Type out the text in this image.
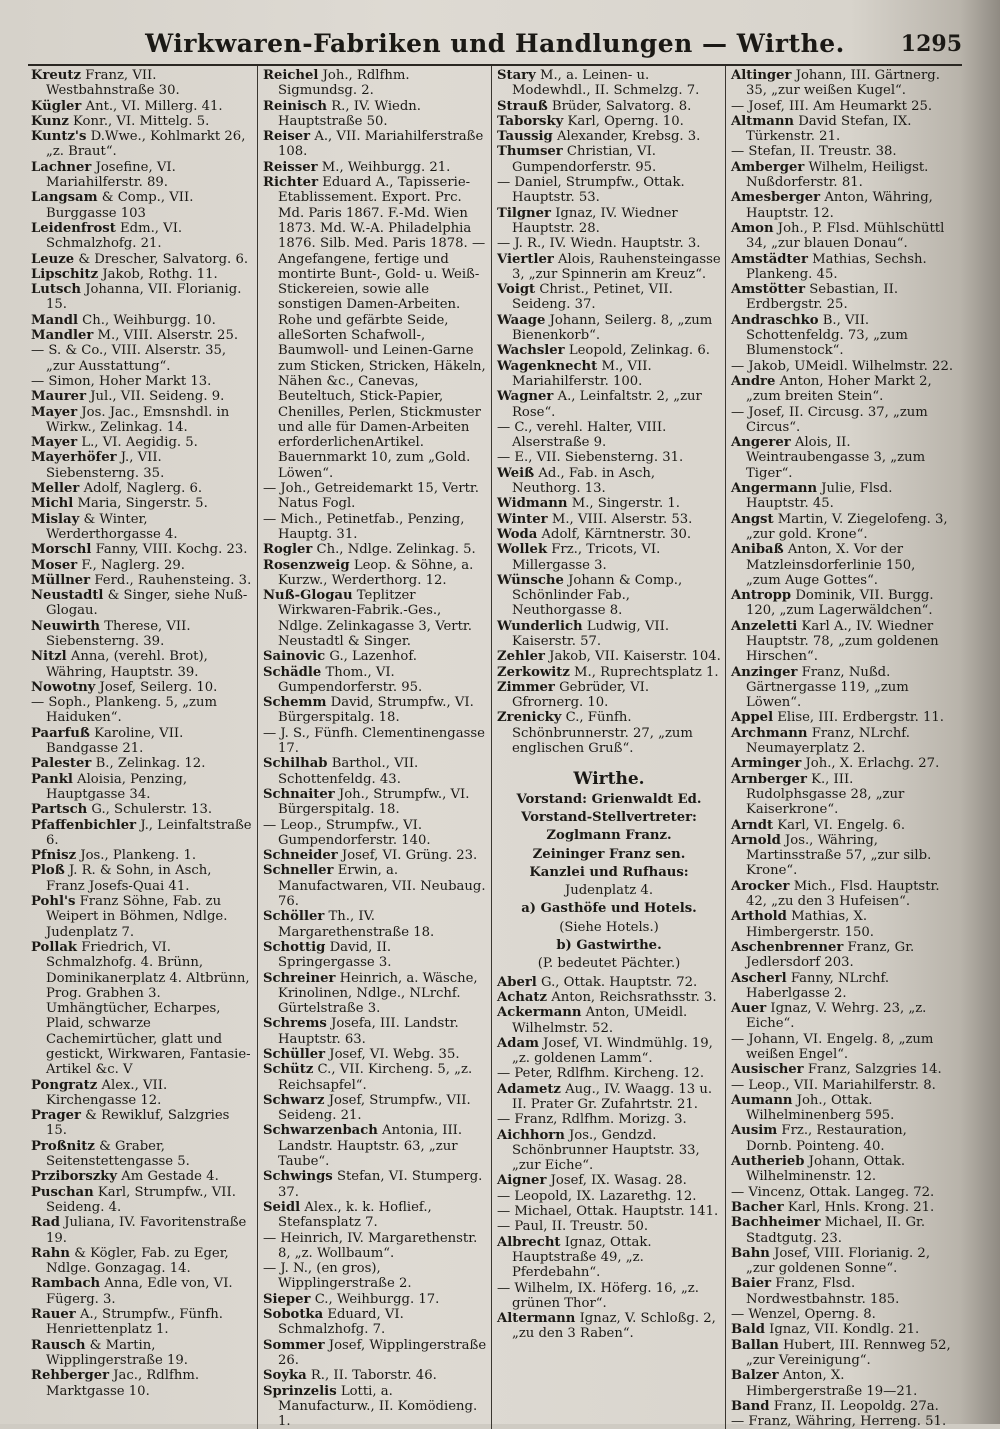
Wirkwaren-Fabriken und Handlungen — Wirthe.	1295
Kreutz Franz, VII. Westbahnstraße 30.
Kügler Ant., VI. Millerg. 41.
Kunz Konr., VI. Mittelg. 5.
Kuntz's D.Wwe., Kohlmarkt 26, „z. Braut“.
Lachner Josefine, VI. Mariahilferstr. 89.
Langsam & Comp., VII. Burggasse 103
Leidenfrost Edm., VI. Schmalzhofg. 21.
Leuze & Drescher, Salvatorg. 6.
Lipschitz Jakob, Rothg. 11.
Lutsch Johanna, VII. Florianig. 15.
Mandl Ch., Weihburgg. 10.
Mandler M., VIII. Alserstr. 25.
— S. & Co., VIII. Alserstr. 35, „zur Ausstattung“.
— Simon, Hoher Markt 13.
Maurer Jul., VII. Seideng. 9.
Mayer Jos. Jac., Emsnshdl. in Wirkw., Zelinkag. 14.
Mayer L., VI. Aegidig. 5.
Mayerhöfer J., VII. Siebensterng. 35.
Meller Adolf, Naglerg. 6.
Michl Maria, Singerstr. 5.
Mislay & Winter, Werderthorgasse 4.
Morschl Fanny, VIII. Kochg. 23.
Moser F., Naglerg. 29.
Müllner Ferd., Rauhensteing. 3.
Neustadtl & Singer, siehe Nuß-Glogau.
Neuwirth Therese, VII. Siebensterng. 39.
Nitzl Anna, (verehl. Brot), Währing, Hauptstr. 39.
Nowotny Josef, Seilerg. 10.
— Soph., Plankeng. 5, „zum Haiduken“.
Paarfuß Karoline, VII. Bandgasse 21.
Palester B., Zelinkag. 12.
Pankl Aloisia, Penzing, Hauptgasse 34.
Partsch G., Schulerstr. 13.
Pfaffenbichler J., Leinfaltstraße 6.
Pfnisz Jos., Plankeng. 1.
Ploß J. R. & Sohn, in Asch, Franz Josefs-Quai 41.
Pohl's Franz Söhne, Fab. zu Weipert in Böhmen, Ndlge. Judenplatz 7.
Pollak Friedrich, VI. Schmalzhofg. 4. Brünn, Dominikanerplatz 4. Altbrünn, Prog. Grabhen 3. Umhängtücher, Echarpes, Plaid, schwarze Cachemirtücher, glatt und gestickt, Wirkwaren, Fantasie-Artikel &c. V
Pongratz Alex., VII. Kirchengasse 12.
Prager & Rewikluf, Salzgries 15.
Proßnitz & Graber, Seitenstettengasse 5.
Prziborszky Am Gestade 4.
Puschan Karl, Strumpfw., VII. Seideng. 4.
Rad Juliana, IV. Favoritenstraße 19.
Rahn & Kögler, Fab. zu Eger, Ndlge. Gonzagag. 14.
Rambach Anna, Edle von, VI. Fügerg. 3.
Rauer A., Strumpfw., Fünfh. Henriettenplatz 1.
Rausch & Martin, Wipplingerstraße 19.
Rehberger Jac., Rdlfhm. Marktgasse 10.
Reichel Joh., Rdlfhm. Sigmundsg. 2.
Reinisch R., IV. Wiedn. Hauptstraße 50.
Reiser A., VII. Mariahilferstraße 108.
Reisser M., Weihburgg. 21.
Richter Eduard A., Tapisserie-Etablissement. Export. Prc. Md. Paris 1867. F.-Md. Wien 1873. Md. W.-A. Philadelphia 1876. Silb. Med. Paris 1878. — Angefangene, fertige und montirte Bunt-, Gold- u. Weiß-Stickereien, sowie alle sonstigen Damen-Arbeiten. Rohe und gefärbte Seide, alleSorten Schafwoll-, Baumwoll- und Leinen-Garne zum Sticken, Stricken, Häkeln, Nähen &c., Canevas, Beuteltuch, Stick-Papier, Chenilles, Perlen, Stickmuster und alle für Damen-Arbeiten erforderlichenArtikel. Bauernmarkt 10, zum „Gold. Löwen“.
— Joh., Getreidemarkt 15, Vertr. Natus Fogl.
— Mich., Petinetfab., Penzing, Hauptg. 31.
Rogler Ch., Ndlge. Zelinkag. 5.
Rosenzweig Leop. & Söhne, a. Kurzw., Werderthorg. 12.
Nuß-Glogau Teplitzer Wirkwaren-Fabrik.-Ges., Ndlge. Zelinkagasse 3, Vertr. Neustadtl & Singer.
Sainovic G., Lazenhof.
Schädle Thom., VI. Gumpendorferstr. 95.
Schemm David, Strumpfw., VI. Bürgerspitalg. 18.
— J. S., Fünfh. Clementinengasse 17.
Schilhab Barthol., VII. Schottenfeldg. 43.
Schnaiter Joh., Strumpfw., VI. Bürgerspitalg. 18.
— Leop., Strumpfw., VI. Gumpendorferstr. 140.
Schneider Josef, VI. Grüng. 23.
Schneller Erwin, a. Manufactwaren, VII. Neubaug. 76.
Schöller Th., IV. Margarethenstraße 18.
Schottig David, II. Springergasse 3.
Schreiner Heinrich, a. Wäsche, Krinolinen, Ndlge., NLrchf. Gürtelstraße 3.
Schrems Josefa, III. Landstr. Hauptstr. 63.
Schüller Josef, VI. Webg. 35.
Schütz C., VII. Kircheng. 5, „z. Reichsapfel“.
Schwarz Josef, Strumpfw., VII. Seideng. 21.
Schwarzenbach Antonia, III. Landstr. Hauptstr. 63, „zur Taube“.
Schwings Stefan, VI. Stumperg. 37.
Seidl Alex., k. k. Hoflief., Stefansplatz 7.
— Heinrich, IV. Margarethenstr. 8, „z. Wollbaum“.
— J. N., (en gros), Wipplingerstraße 2.
Sieper C., Weihburgg. 17.
Sobotka Eduard, VI. Schmalzhofg. 7.
Sommer Josef, Wipplingerstraße 26.
Soyka R., II. Taborstr. 46.
Sprinzelis Lotti, a. Manufacturw., II. Komödieng. 1.
Stary M., a. Leinen- u. Modewhdl., II. Schmelzg. 7.
Strauß Brüder, Salvatorg. 8.
Taborsky Karl, Operng. 10.
Taussig Alexander, Krebsg. 3.
Thumser Christian, VI. Gumpendorferstr. 95.
— Daniel, Strumpfw., Ottak. Hauptstr. 53.
Tilgner Ignaz, IV. Wiedner Hauptstr. 28.
— J. R., IV. Wiedn. Hauptstr. 3.
Viertler Alois, Rauhensteingasse 3, „zur Spinnerin am Kreuz“.
Voigt Christ., Petinet, VII. Seideng. 37.
Waage Johann, Seilerg. 8, „zum Bienenkorb“.
Wachsler Leopold, Zelinkag. 6.
Wagenknecht M., VII. Mariahilferstr. 100.
Wagner A., Leinfaltstr. 2, „zur Rose“.
— C., verehl. Halter, VIII. Alserstraße 9.
— E., VII. Siebensterng. 31.
Weiß Ad., Fab. in Asch, Neuthorg. 13.
Widmann M., Singerstr. 1.
Winter M., VIII. Alserstr. 53.
Woda Adolf, Kärntnerstr. 30.
Wollek Frz., Tricots, VI. Millergasse 3.
Wünsche Johann & Comp., Schönlinder Fab., Neuthorgasse 8.
Wunderlich Ludwig, VII. Kaiserstr. 57.
Zehler Jakob, VII. Kaiserstr. 104.
Zerkowitz M., Ruprechtsplatz 1.
Zimmer Gebrüder, VI. Gfrornerg. 10.
Zrenicky C., Fünfh. Schönbrunnerstr. 27, „zum englischen Gruß“.
Wirthe.
Vorstand: Grienwaldt Ed.
Vorstand-Stellvertreter:
Zoglmann Franz.
Zeininger Franz sen.
Kanzlei und Rufhaus:
Judenplatz 4.
a) Gasthöfe und Hotels.
(Siehe Hotels.)
b) Gastwirthe.
(P. bedeutet Pächter.)
Aberl G., Ottak. Hauptstr. 72.
Achatz Anton, Reichsrathsstr. 3.
Ackermann Anton, UMeidl. Wilhelmstr. 52.
Adam Josef, VI. Windmühlg. 19, „z. goldenen Lamm“.
— Peter, Rdlfhm. Kircheng. 12.
Adametz Aug., IV. Waagg. 13 u. II. Prater Gr. Zufahrtstr. 21.
— Franz, Rdlfhm. Morizg. 3.
Aichhorn Jos., Gendzd. Schönbrunner Hauptstr. 33, „zur Eiche“.
Aigner Josef, IX. Wasag. 28.
— Leopold, IX. Lazarethg. 12.
— Michael, Ottak. Hauptstr. 141.
— Paul, II. Treustr. 50.
Albrecht Ignaz, Ottak. Hauptstraße 49, „z. Pferdebahn“.
— Wilhelm, IX. Höferg. 16, „z. grünen Thor“.
Altermann Ignaz, V. Schloßg. 2, „zu den 3 Raben“.
Altinger Johann, III. Gärtnerg. 35, „zur weißen Kugel“.
— Josef, III. Am Heumarkt 25.
Altmann David Stefan, IX. Türkenstr. 21.
— Stefan, II. Treustr. 38.
Amberger Wilhelm, Heiligst. Nußdorferstr. 81.
Amesberger Anton, Währing, Hauptstr. 12.
Amon Joh., P. Flsd. Mühlschüttl 34, „zur blauen Donau“.
Amstädter Mathias, Sechsh. Plankeng. 45.
Amstötter Sebastian, II. Erdbergstr. 25.
Andraschko B., VII. Schottenfeldg. 73, „zum Blumenstock“.
— Jakob, UMeidl. Wilhelmstr. 22.
Andre Anton, Hoher Markt 2, „zum breiten Stein“.
— Josef, II. Circusg. 37, „zum Circus“.
Angerer Alois, II. Weintraubengasse 3, „zum Tiger“.
Angermann Julie, Flsd. Hauptstr. 45.
Angst Martin, V. Ziegelofeng. 3, „zur gold. Krone“.
Anibaß Anton, X. Vor der Matzleinsdorferlinie 150, „zum Auge Gottes“.
Antropp Dominik, VII. Burgg. 120, „zum Lagerwäldchen“.
Anzeletti Karl A., IV. Wiedner Hauptstr. 78, „zum goldenen Hirschen“.
Anzinger Franz, Nußd. Gärtnergasse 119, „zum Löwen“.
Appel Elise, III. Erdbergstr. 11.
Archmann Franz, NLrchf. Neumayerplatz 2.
Arminger Joh., X. Erlachg. 27.
Arnberger K., III. Rudolphsgasse 28, „zur Kaiserkrone“.
Arndt Karl, VI. Engelg. 6.
Arnold Jos., Währing, Martinsstraße 57, „zur silb. Krone“.
Arocker Mich., Flsd. Hauptstr. 42, „zu den 3 Hufeisen“.
Arthold Mathias, X. Himbergerstr. 150.
Aschenbrenner Franz, Gr. Jedlersdorf 203.
Ascherl Fanny, NLrchf. Haberlgasse 2.
Auer Ignaz, V. Wehrg. 23, „z. Eiche“.
— Johann, VI. Engelg. 8, „zum weißen Engel“.
Ausischer Franz, Salzgries 14.
— Leop., VII. Mariahilferstr. 8.
Aumann Joh., Ottak. Wilhelminenberg 595.
Ausim Frz., Restauration, Dornb. Pointeng. 40.
Autherieb Johann, Ottak. Wilhelminenstr. 12.
— Vincenz, Ottak. Langeg. 72.
Bacher Karl, Hnls. Krong. 21.
Bachheimer Michael, II. Gr. Stadtgutg. 23.
Bahn Josef, VIII. Florianig. 2, „zur goldenen Sonne“.
Baier Franz, Flsd. Nordwestbahnstr. 185.
— Wenzel, Operng. 8.
Bald Ignaz, VII. Kondlg. 21.
Ballan Hubert, III. Rennweg 52, „zur Vereinigung“.
Balzer Anton, X. Himbergerstraße 19—21.
Band Franz, II. Leopoldg. 27a.
— Franz, Währing, Herreng. 51.
